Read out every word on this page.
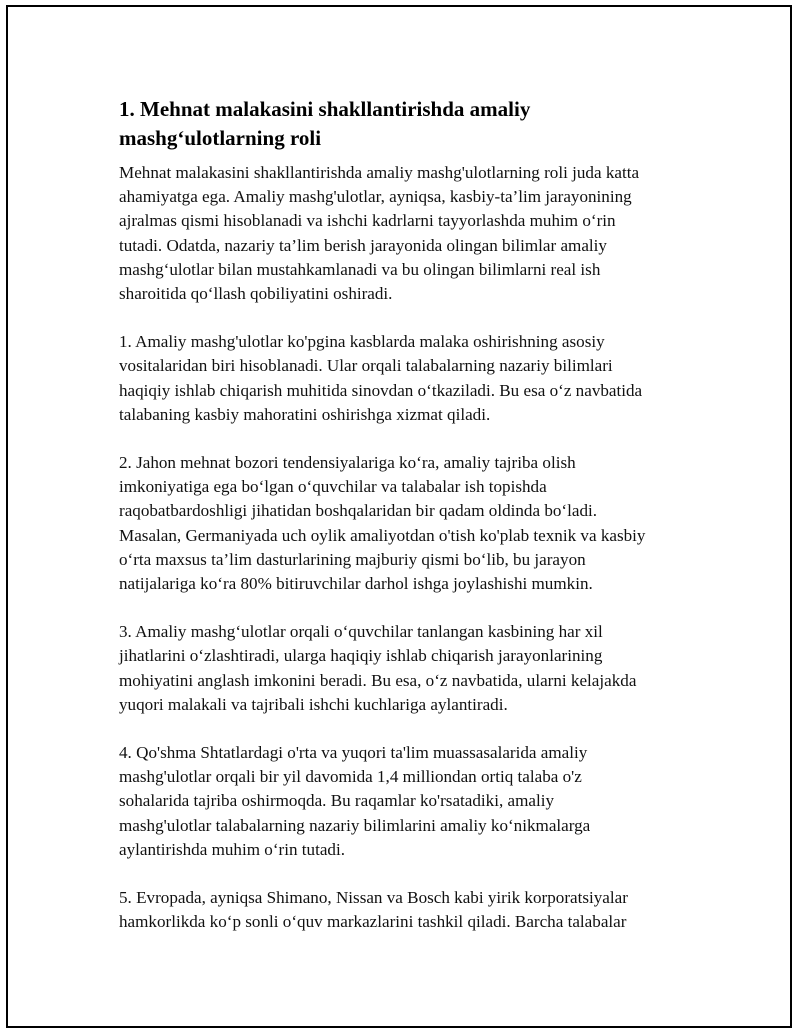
1. Mehnat malakasini shakllantirishda amaliy
mashg‘ulotlarning roli

Mehnat malakasini shakllantirishda amaliy mashg'ulotlarning roli juda katta
ahamiyatga ega. Amaliy mashg'ulotlar, ayniqsa, kasbiy-ta’lim jarayonining
ajralmas qismi hisoblanadi va ishchi kadrlarni tayyorlashda muhim o‘rin
tutadi. Odatda, nazariy ta’lim berish jarayonida olingan bilimlar amaliy
mashg‘ulotlar bilan mustahkamlanadi va bu olingan bilimlarni real ish
sharoitida qo‘llash qobiliyatini oshiradi.

1. Amaliy mashg'ulotlar ko'pgina kasblarda malaka oshirishning asosiy
vositalaridan biri hisoblanadi. Ular orqali talabalarning nazariy bilimlari
haqiqiy ishlab chiqarish muhitida sinovdan o‘tkaziladi. Bu esa o‘z navbatida
talabaning kasbiy mahoratini oshirishga xizmat qiladi.

2. Jahon mehnat bozori tendensiyalariga ko‘ra, amaliy tajriba olish
imkoniyatiga ega bo‘lgan o‘quvchilar va talabalar ish topishda
raqobatbardoshligi jihatidan boshqalaridan bir qadam oldinda bo‘ladi.
Masalan, Germaniyada uch oylik amaliyotdan o'tish ko'plab texnik va kasbiy
o‘rta maxsus ta’lim dasturlarining majburiy qismi bo‘lib, bu jarayon
natijalariga ko‘ra 80% bitiruvchilar darhol ishga joylashishi mumkin.

3. Amaliy mashg‘ulotlar orqali o‘quvchilar tanlangan kasbining har xil
jihatlarini o‘zlashtiradi, ularga haqiqiy ishlab chiqarish jarayonlarining
mohiyatini anglash imkonini beradi. Bu esa, o‘z navbatida, ularni kelajakda
yuqori malakali va tajribali ishchi kuchlariga aylantiradi.

4. Qo'shma Shtatlardagi o'rta va yuqori ta'lim muassasalarida amaliy
mashg'ulotlar orqali bir yil davomida 1,4 milliondan ortiq talaba o'z
sohalarida tajriba oshirmoqda. Bu raqamlar ko'rsatadiki, amaliy
mashg'ulotlar talabalarning nazariy bilimlarini amaliy ko‘nikmalarga
aylantirishda muhim o‘rin tutadi.

5. Evropada, ayniqsa Shimano, Nissan va Bosch kabi yirik korporatsiyalar
hamkorlikda ko‘p sonli o‘quv markazlarini tashkil qiladi. Barcha talabalar
